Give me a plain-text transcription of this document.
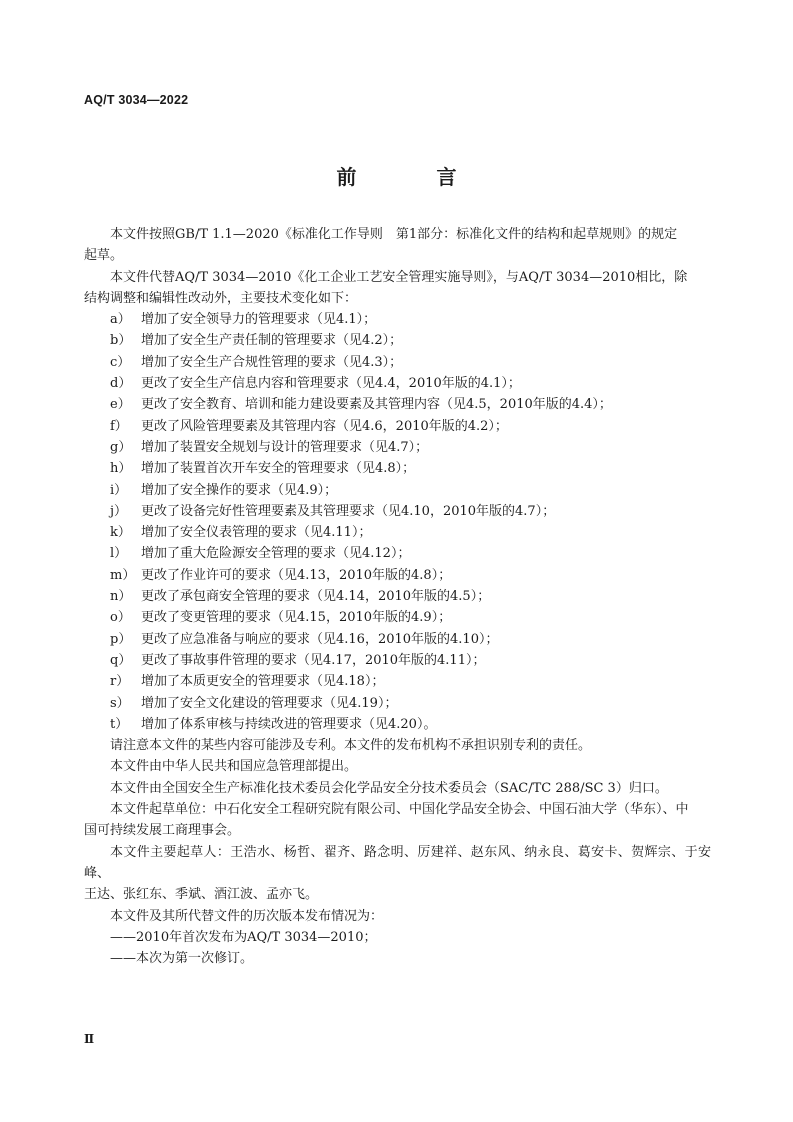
AQ/T 3034—2022
前　言

本文件按照GB/T 1.1—2020《标准化工作导则　第1部分：标准化文件的结构和起草规则》的规定
起草。

本文件代替AQ/T 3034—2010《化工企业工艺安全管理实施导则》，与AQ/T 3034—2010相比，除
结构调整和编辑性改动外，主要技术变化如下：

a） 增加了安全领导力的管理要求（见4.1）；
b） 增加了安全生产责任制的管理要求（见4.2）；
c） 增加了安全生产合规性管理的要求（见4.3）；
d） 更改了安全生产信息内容和管理要求（见4.4，2010年版的4.1）；
e） 更改了安全教育、培训和能力建设要素及其管理内容（见4.5，2010年版的4.4）；
f）	更改了风险管理要素及其管理内容（见4.6，2010年版的4.2）；
g） 增加了装置安全规划与设计的管理要求（见4.7）；
h） 增加了装置首次开车安全的管理要求（见4.8）；
i）	增加了安全操作的要求（见4.9）；
j）	更改了设备完好性管理要素及其管理要求（见4.10，2010年版的4.7）；
k） 增加了安全仪表管理的要求（见4.11）；
l）	增加了重大危险源安全管理的要求（见4.12）；
m） 更改了作业许可的要求（见4.13，2010年版的4.8）；
n） 更改了承包商安全管理的要求（见4.14，2010年版的4.5）；
o） 更改了变更管理的要求（见4.15，2010年版的4.9）；
p） 更改了应急准备与响应的要求（见4.16，2010年版的4.10）；
q） 更改了事故事件管理的要求（见4.17，2010年版的4.11）；
r） 增加了本质更安全的管理要求（见4.18）；
s） 增加了安全文化建设的管理要求（见4.19）；
t） 增加了体系审核与持续改进的管理要求（见4.20）。

请注意本文件的某些内容可能涉及专利。本文件的发布机构不承担识别专利的责任。

本文件由中华人民共和国应急管理部提出。

本文件由全国安全生产标准化技术委员会化学品安全分技术委员会（SAC/TC 288/SC 3）归口。

本文件起草单位：中石化安全工程研究院有限公司、中国化学品安全协会、中国石油大学（华东）、中
国可持续发展工商理事会。

本文件主要起草人：王浩水、杨哲、翟齐、路念明、厉建祥、赵东风、纳永良、葛安卡、贺辉宗、于安峰、
王达、张红东、季斌、酒江波、孟亦飞。

本文件及其所代替文件的历次版本发布情况为：

——2010年首次发布为AQ/T 3034—2010；

——本次为第一次修订。

Ⅱ
